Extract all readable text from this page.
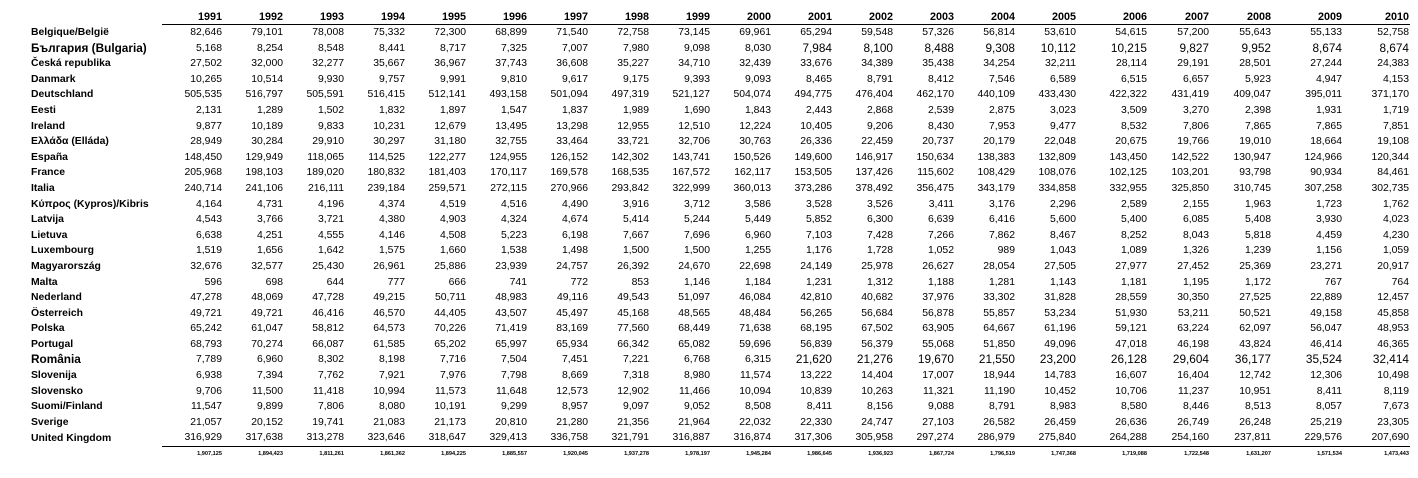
	1991	1992	1993	1994	1995	1996	1997	1998	1999	2000	2001	2002	2003	2004	2005	2006	2007	2008	2009	2010
Belgique/België	82,646	79,101	78,008	75,332	72,300	68,899	71,540	72,758	73,145	69,961	65,294	59,548	57,326	56,814	53,610	54,615	57,200	55,643	55,133	52,758
България (Bulgaria)	5,168	8,254	8,548	8,441	8,717	7,325	7,007	7,980	9,098	8,030	7,984	8,100	8,488	9,308	10,112	10,215	9,827	9,952	8,674	8,674
Česká republika	27,502	32,000	32,277	35,667	36,967	37,743	36,608	35,227	34,710	32,439	33,676	34,389	35,438	34,254	32,211	28,114	29,191	28,501	27,244	24,383
Danmark	10,265	10,514	9,930	9,757	9,991	9,810	9,617	9,175	9,393	9,093	8,465	8,791	8,412	7,546	6,589	6,515	6,657	5,923	4,947	4,153
Deutschland	505,535	516,797	505,591	516,415	512,141	493,158	501,094	497,319	521,127	504,074	494,775	476,404	462,170	440,109	433,430	422,322	431,419	409,047	395,011	371,170
Eesti	2,131	1,289	1,502	1,832	1,897	1,547	1,837	1,989	1,690	1,843	2,443	2,868	2,539	2,875	3,023	3,509	3,270	2,398	1,931	1,719
Ireland	9,877	10,189	9,833	10,231	12,679	13,495	13,298	12,955	12,510	12,224	10,405	9,206	8,430	7,953	9,477	8,532	7,806	7,865	7,865	7,851
Ελλάδα (Elláda)	28,949	30,284	29,910	30,297	31,180	32,755	33,464	33,721	32,706	30,763	26,336	22,459	20,737	20,179	22,048	20,675	19,766	19,010	18,664	19,108
España	148,450	129,949	118,065	114,525	122,277	124,955	126,152	142,302	143,741	150,526	149,600	146,917	150,634	138,383	132,809	143,450	142,522	130,947	124,966	120,344
France	205,968	198,103	189,020	180,832	181,403	170,117	169,578	168,535	167,572	162,117	153,505	137,426	115,602	108,429	108,076	102,125	103,201	93,798	90,934	84,461
Italia	240,714	241,106	216,111	239,184	259,571	272,115	270,966	293,842	322,999	360,013	373,286	378,492	356,475	343,179	334,858	332,955	325,850	310,745	307,258	302,735
Κύπρος (Kypros)/Kibris	4,164	4,731	4,196	4,374	4,519	4,516	4,490	3,916	3,712	3,586	3,528	3,526	3,411	3,176	2,296	2,589	2,155	1,963	1,723	1,762
Latvija	4,543	3,766	3,721	4,380	4,903	4,324	4,674	5,414	5,244	5,449	5,852	6,300	6,639	6,416	5,600	5,400	6,085	5,408	3,930	4,023
Lietuva	6,638	4,251	4,555	4,146	4,508	5,223	6,198	7,667	7,696	6,960	7,103	7,428	7,266	7,862	8,467	8,252	8,043	5,818	4,459	4,230
Luxembourg	1,519	1,656	1,642	1,575	1,660	1,538	1,498	1,500	1,500	1,255	1,176	1,728	1,052	989	1,043	1,089	1,326	1,239	1,156	1,059
Magyarország	32,676	32,577	25,430	26,961	25,886	23,939	24,757	26,392	24,670	22,698	24,149	25,978	26,627	28,054	27,505	27,977	27,452	25,369	23,271	20,917
Malta	596	698	644	777	666	741	772	853	1,146	1,184	1,231	1,312	1,188	1,281	1,143	1,181	1,195	1,172	767	764
Nederland	47,278	48,069	47,728	49,215	50,711	48,983	49,116	49,543	51,097	46,084	42,810	40,682	37,976	33,302	31,828	28,559	30,350	27,525	22,889	12,457
Österreich	49,721	49,721	46,416	46,570	44,405	43,507	45,497	45,168	48,565	48,484	56,265	56,684	56,878	55,857	53,234	51,930	53,211	50,521	49,158	45,858
Polska	65,242	61,047	58,812	64,573	70,226	71,419	83,169	77,560	68,449	71,638	68,195	67,502	63,905	64,667	61,196	59,121	63,224	62,097	56,047	48,953
Portugal	68,793	70,274	66,087	61,585	65,202	65,997	65,934	66,342	65,082	59,696	56,839	56,379	55,068	51,850	49,096	47,018	46,198	43,824	46,414	46,365
România	7,789	6,960	8,302	8,198	7,716	7,504	7,451	7,221	6,768	6,315	21,620	21,276	19,670	21,550	23,200	26,128	29,604	36,177	35,524	32,414
Slovenija	6,938	7,394	7,762	7,921	7,976	7,798	8,669	7,318	8,980	11,574	13,222	14,404	17,007	18,944	14,783	16,607	16,404	12,742	12,306	10,498
Slovensko	9,706	11,500	11,418	10,994	11,573	11,648	12,573	12,902	11,466	10,094	10,839	10,263	11,321	11,190	10,452	10,706	11,237	10,951	8,411	8,119
Suomi/Finland	11,547	9,899	7,806	8,080	10,191	9,299	8,957	9,097	9,052	8,508	8,411	8,156	9,088	8,791	8,983	8,580	8,446	8,513	8,057	7,673
Sverige	21,057	20,152	19,741	21,083	21,173	20,810	21,280	21,356	21,964	22,032	22,330	24,747	27,103	26,582	26,459	26,636	26,749	26,248	25,219	23,305
United Kingdom	316,929	317,638	313,278	323,646	318,647	329,413	336,758	321,791	316,887	316,874	317,306	305,958	297,274	286,979	275,840	264,288	254,160	237,811	229,576	207,690
	1,907,125	1,894,423	1,811,261	1,861,362	1,894,225	1,885,557	1,920,045	1,937,278	1,978,197	1,945,284	1,986,645	1,936,923	1,867,724	1,796,519	1,747,368	1,719,088	1,722,548	1,631,207	1,571,534	1,473,443
